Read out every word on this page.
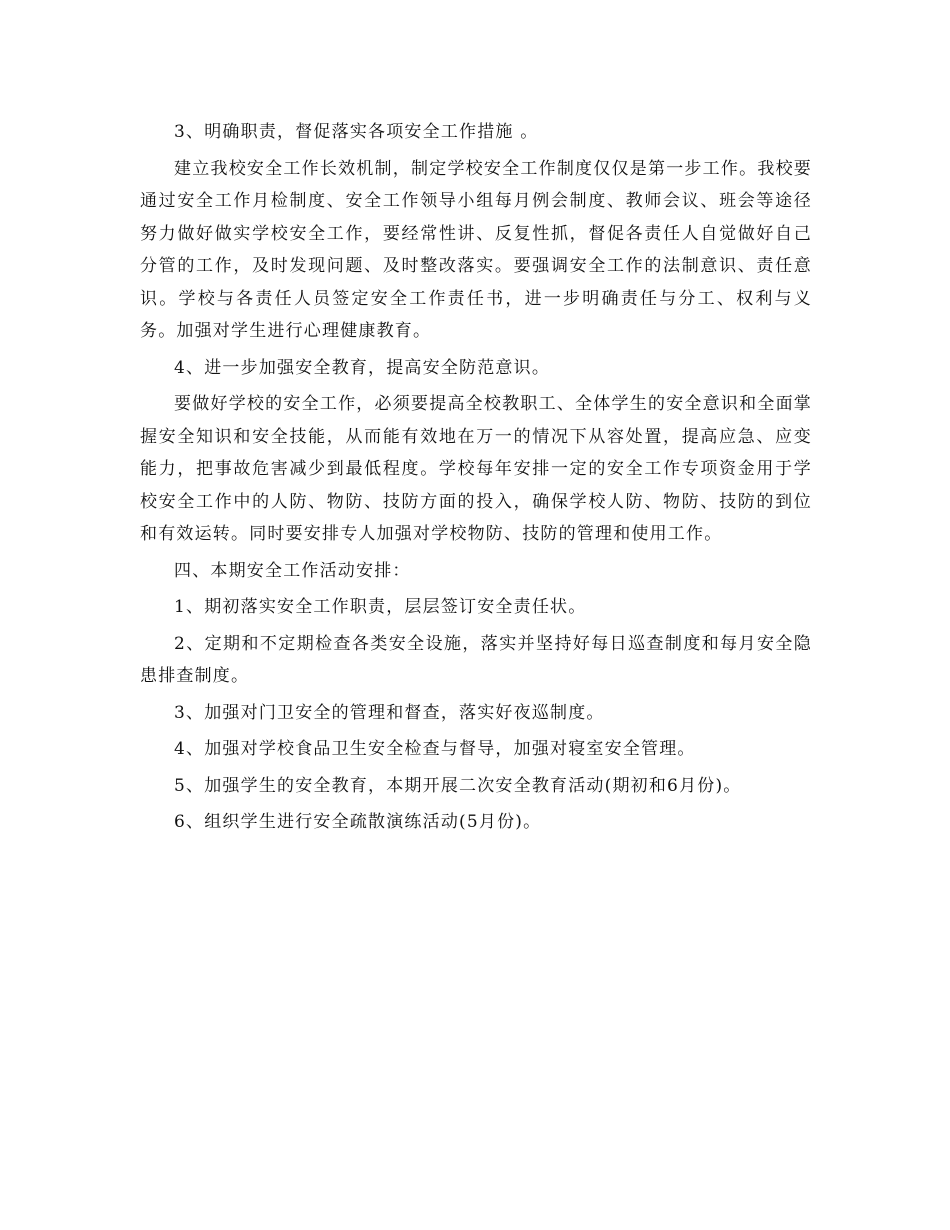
3、明确职责，督促落实各项安全工作措施 。

建立我校安全工作长效机制，制定学校安全工作制度仅仅是第一步工作。我校要通过安全工作月检制度、安全工作领导小组每月例会制度、教师会议、班会等途径努力做好做实学校安全工作，要经常性讲、反复性抓，督促各责任人自觉做好自己分管的工作，及时发现问题、及时整改落实。要强调安全工作的法制意识、责任意识。学校与各责任人员签定安全工作责任书，进一步明确责任与分工、权利与义务。加强对学生进行心理健康教育。

4、进一步加强安全教育，提高安全防范意识。

要做好学校的安全工作，必须要提高全校教职工、全体学生的安全意识和全面掌握安全知识和安全技能，从而能有效地在万一的情况下从容处置，提高应急、应变能力，把事故危害减少到最低程度。学校每年安排一定的安全工作专项资金用于学校安全工作中的人防、物防、技防方面的投入，确保学校人防、物防、技防的到位和有效运转。同时要安排专人加强对学校物防、技防的管理和使用工作。

四、本期安全工作活动安排：

1、期初落实安全工作职责，层层签订安全责任状。

2、定期和不定期检查各类安全设施，落实并坚持好每日巡查制度和每月安全隐患排查制度。

3、加强对门卫安全的管理和督查，落实好夜巡制度。

4、加强对学校食品卫生安全检查与督导，加强对寝室安全管理。

5、加强学生的安全教育，本期开展二次安全教育活动(期初和6月份)。

6、组织学生进行安全疏散演练活动(5月份)。
